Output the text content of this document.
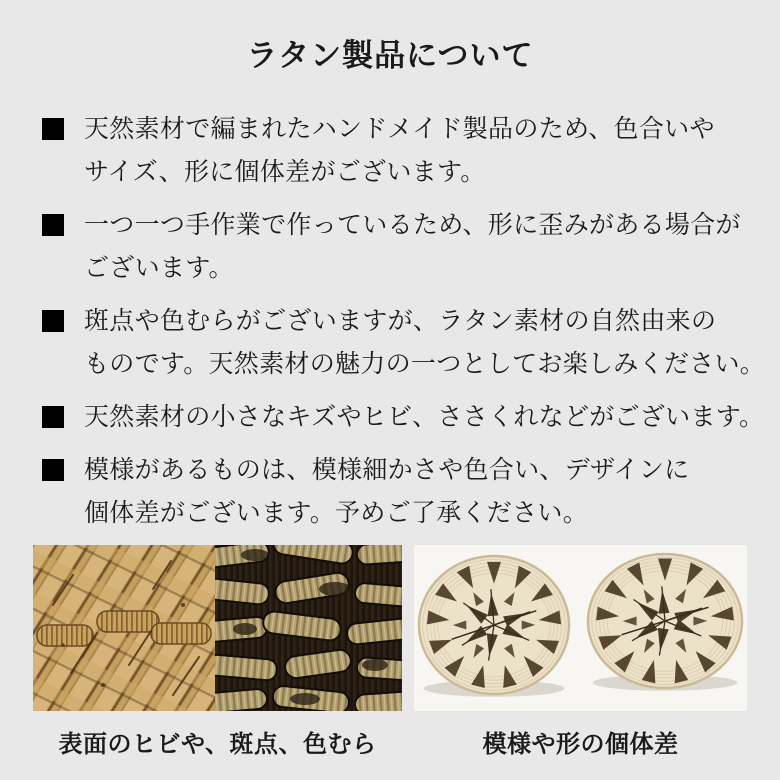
ラタン製品について
天然素材で編まれたハンドメイド製品のため、色合いや
サイズ、形に個体差がございます。
一つ一つ手作業で作っているため、形に歪みがある場合が
ございます。
斑点や色むらがございますが、ラタン素材の自然由来の
ものです。天然素材の魅力の一つとしてお楽しみください。
天然素材の小さなキズやヒビ、ささくれなどがございます。
模様があるものは、模様細かさや色合い、デザインに
個体差がございます。予めご了承ください。
表面のヒビや、斑点、色むら	模様や形の個体差
